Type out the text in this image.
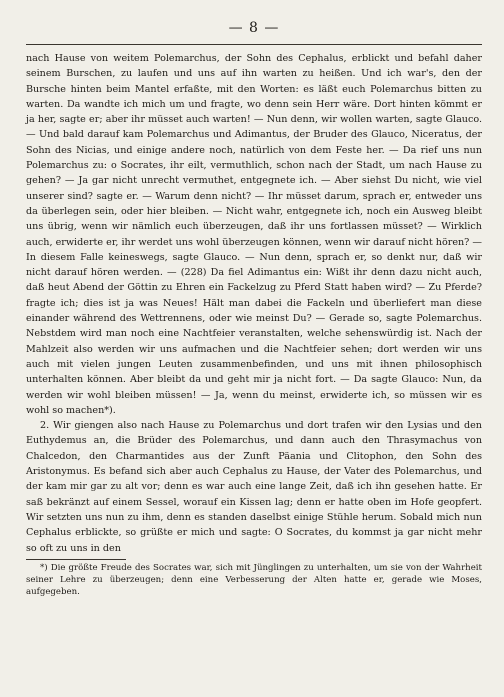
— 8 —

nach Hause von weitem Polemarchus, der Sohn des Cephalus, erblickt und befahl daher seinem Burschen, zu laufen und uns auf ihn warten zu heißen. Und ich war's, den der Bursche hinten beim Mantel erfaßte, mit den Worten: es läßt euch Polemarchus bitten zu warten. Da wandte ich mich um und fragte, wo denn sein Herr wäre. Dort hinten kömmt er ja her, sagte er; aber ihr müsset auch warten! — Nun denn, wir wollen warten, sagte Glauco. — Und bald darauf kam Polemarchus und Adimantus, der Bruder des Glauco, Niceratus, der Sohn des Nicias, und einige andere noch, natürlich von dem Feste her. — Da rief uns nun Polemarchus zu: o Socrates, ihr eilt, vermuthlich, schon nach der Stadt, um nach Hause zu gehen? — Ja gar nicht unrecht vermuthet, entgegnete ich. — Aber siehst Du nicht, wie viel unserer sind? sagte er. — Warum denn nicht? — Ihr müsset darum, sprach er, entweder uns da überlegen sein, oder hier bleiben. — Nicht wahr, entgegnete ich, noch ein Ausweg bleibt uns übrig, wenn wir nämlich euch überzeugen, daß ihr uns fortlassen müsset? — Wirklich auch, erwiderte er, ihr werdet uns wohl überzeugen können, wenn wir darauf nicht hören? — In diesem Falle keineswegs, sagte Glauco. — Nun denn, sprach er, so denkt nur, daß wir nicht darauf hören werden. — (228) Da fiel Adimantus ein: Wißt ihr denn dazu nicht auch, daß heut Abend der Göttin zu Ehren ein Fackelzug zu Pferd Statt haben wird? — Zu Pferde? fragte ich; dies ist ja was Neues! Hält man dabei die Fackeln und überliefert man diese einander während des Wettrennens, oder wie meinst Du? — Gerade so, sagte Polemarchus. Nebstdem wird man noch eine Nachtfeier veranstalten, welche sehenswürdig ist. Nach der Mahlzeit also werden wir uns aufmachen und die Nachtfeier sehen; dort werden wir uns auch mit vielen jungen Leuten zusammenbefinden, und uns mit ihnen philosophisch unterhalten können. Aber bleibt da und geht mir ja nicht fort. — Da sagte Glauco: Nun, da werden wir wohl bleiben müssen! — Ja, wenn du meinst, erwiderte ich, so müssen wir es wohl so machen*).

2. Wir giengen also nach Hause zu Polemarchus und dort trafen wir den Lysias und den Euthydemus an, die Brüder des Polemarchus, und dann auch den Thrasymachus von Chalcedon, den Charmantides aus der Zunft Päania und Clitophon, den Sohn des Aristonymus. Es befand sich aber auch Cephalus zu Hause, der Vater des Polemarchus, und der kam mir gar zu alt vor; denn es war auch eine lange Zeit, daß ich ihn gesehen hatte. Er saß bekränzt auf einem Sessel, worauf ein Kissen lag; denn er hatte oben im Hofe geopfert. Wir setzten uns nun zu ihm, denn es standen daselbst einige Stühle herum. Sobald mich nun Cephalus erblickte, so grüßte er mich und sagte: O Socrates, du kommst ja gar nicht mehr so oft zu uns in den

*) Die größte Freude des Socrates war, sich mit Jünglingen zu unterhalten, um sie von der Wahrheit seiner Lehre zu überzeugen; denn eine Verbesserung der Alten hatte er, gerade wie Moses, aufgegeben.
